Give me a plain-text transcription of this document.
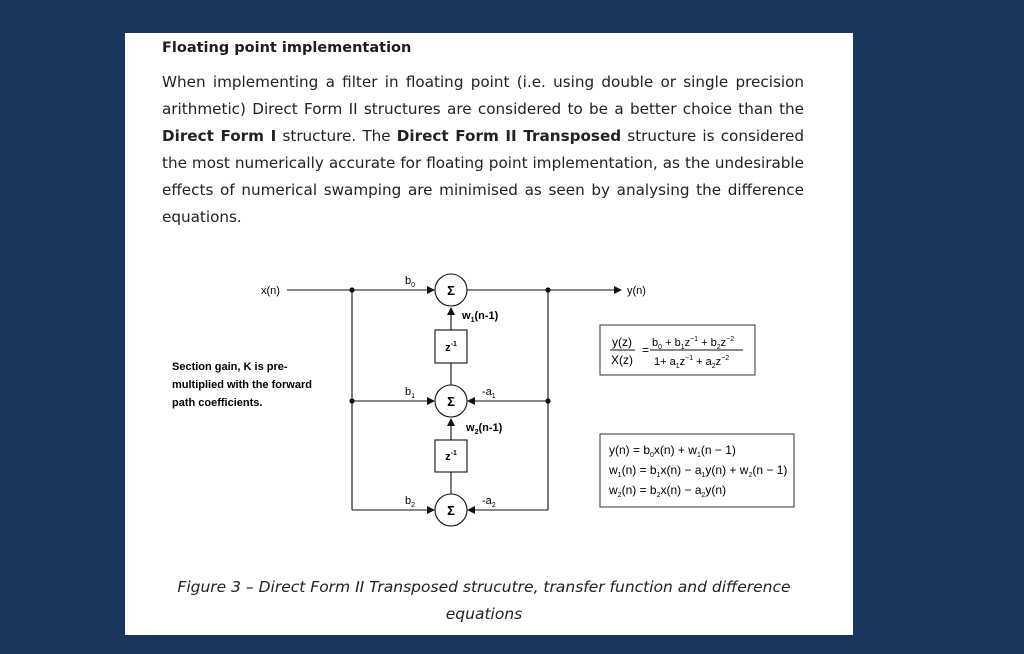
Floating point implementation

When implementing a filter in floating point (i.e. using double or single precision arithmetic) Direct Form II structures are considered to be a better choice than the Direct Form I structure. The Direct Form II Transposed structure is considered the most numerically accurate for floating point implementation, as the undesirable effects of numerical swamping are minimised as seen by analysing the difference equations.

Σ
Σ
Σ
$z^{-1}$
$z^{-1}$
x(n)	y(n)
$b_0$
$b_1$
$b_2$
$-a_1$
$-a_2$
$w_1(n-1)$
$w_2(n-1)$
Section gain, K is pre- multiplied with the forward path coefficients.
y(z)
X(z)
= $b_0 + b_1z^{-1} + b_2z^{-2}$
$1+ a_1z^{-1} + a_2z^{-2}$
$y(n) = b_0x(n) + w_1(n - 1)$
$w_1(n) = b_1x(n) - a_1y(n) + w_2(n - 1)$
$w_2(n) = b_2x(n) - a_2y(n)$
Figure 3 – Direct Form II Transposed strucutre, transfer function and difference
equations
